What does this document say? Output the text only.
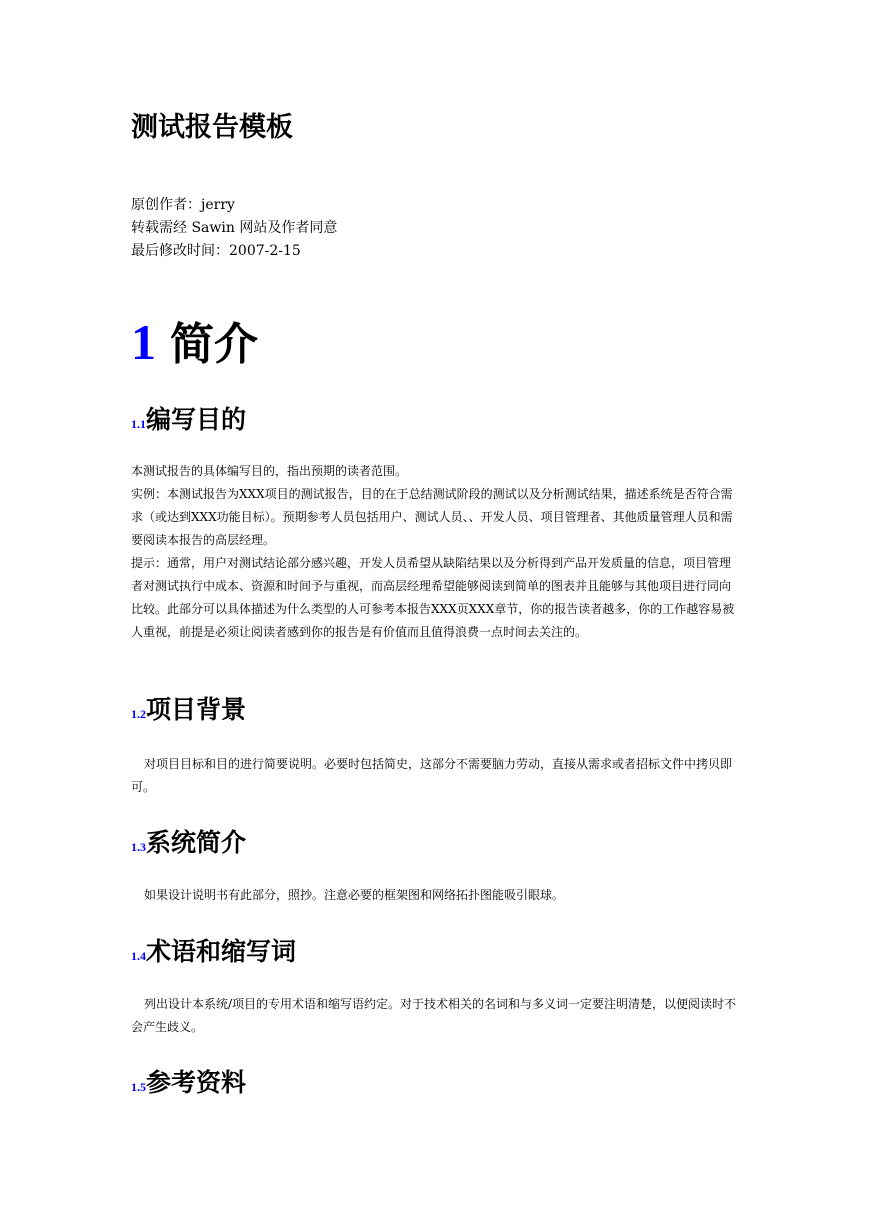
测试报告模板
原创作者：jerry
转载需经 Sawin 网站及作者同意
最后修改时间：2007-2-15
1 简介
1.1编写目的

本测试报告的具体编写目的，指出预期的读者范围。

实例：本测试报告为XXX项目的测试报告，目的在于总结测试阶段的测试以及分析测试结果，描述系统是否符合需求（或达到XXX功能目标）。预期参考人员包括用户、测试人员、、开发人员、项目管理者、其他质量管理人员和需要阅读本报告的高层经理。

提示：通常，用户对测试结论部分感兴趣，开发人员希望从缺陷结果以及分析得到产品开发质量的信息，项目管理者对测试执行中成本、资源和时间予与重视，而高层经理希望能够阅读到简单的图表并且能够与其他项目进行同向比较。此部分可以具体描述为什么类型的人可参考本报告XXX页XXX章节，你的报告读者越多，你的工作越容易被人重视，前提是必须让阅读者感到你的报告是有价值而且值得浪费一点时间去关注的。

1.2项目背景

对项目目标和目的进行简要说明。必要时包括简史，这部分不需要脑力劳动，直接从需求或者招标文件中拷贝即可。

1.3系统简介

如果设计说明书有此部分，照抄。注意必要的框架图和网络拓扑图能吸引眼球。

1.4术语和缩写词

列出设计本系统/项目的专用术语和缩写语约定。对于技术相关的名词和与多义词一定要注明清楚，以便阅读时不会产生歧义。

1.5参考资料
